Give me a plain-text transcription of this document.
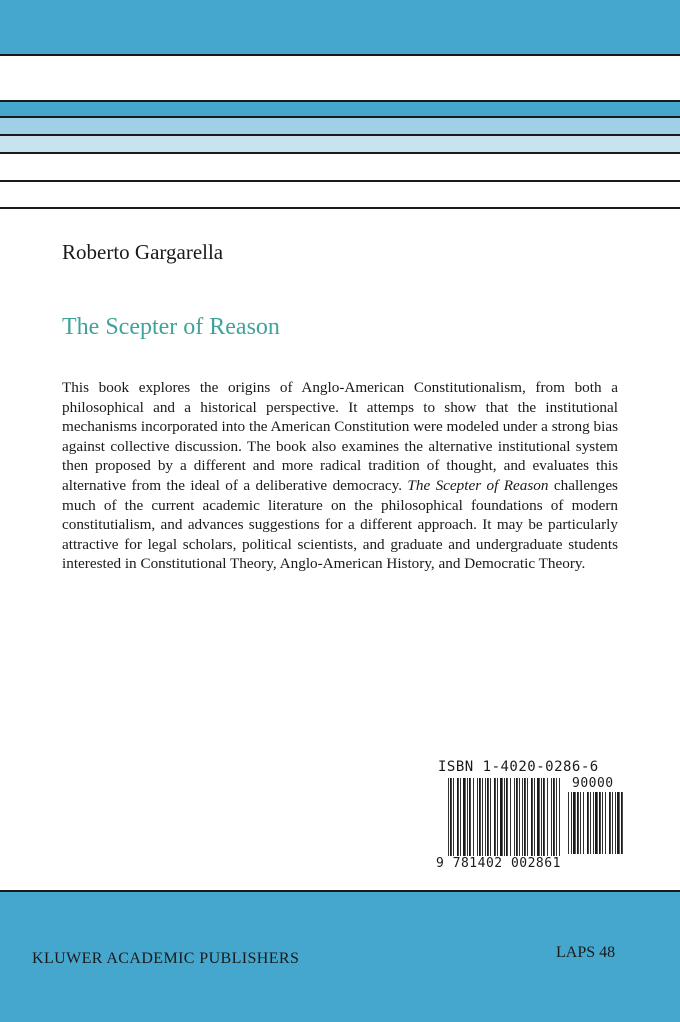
Roberto Gargarella
The Scepter of Reason
This book explores the origins of Anglo-American Constitutionalism, from both a philosophical and a historical perspective. It attemps to show that the institutional mechanisms incorporated into the American Constitution were modeled under a strong bias against collective discussion. The book also examines the alternative institutional system then proposed by a different and more radical tradition of thought, and evaluates this alternative from the ideal of a deliberative democracy. The Scepter of Reason challenges much of the current academic literature on the philosophical foundations of modern constitutialism, and advances suggestions for a different approach. It may be particularly attractive for legal scholars, political scientists, and graduate and undergraduate students interested in Constitutional Theory, Anglo-American History, and Democratic Theory.
ISBN 1-4020-0286-6
90000
9 781402 002861
KLUWER ACADEMIC PUBLISHERS	LAPS 48
